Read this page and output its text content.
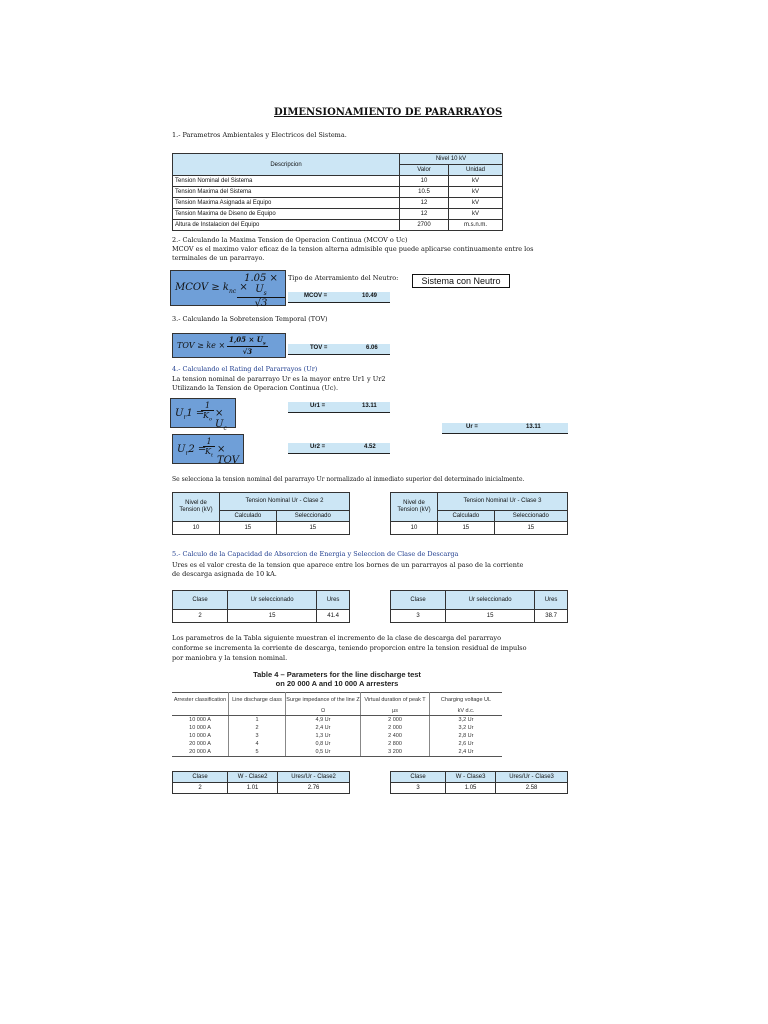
DIMENSIONAMIENTO DE PARARRAYOS
1.- Parametros Ambientales y Electricos del Sistema.
Descripcion	Nivel 10 kV	
	Valor	Unidad
Tension Nominal del Sistema	10	kV
Tension Maxima del Sistema	10.5	kV
Tension Maxima Asignada al Equipo	12	kV
Tension Maxima de Diseno de Equipo	12	kV
Altura de Instalacion del Equipo	2700	m.s.n.m.
2.- Calculando la Maxima Tension de Operacion Continua (MCOV o Uc)
MCOV es el maximo valor eficaz de la tension alterna admisible que puede aplicarse continuamente entre los
terminales de un pararrayo.
MCOV ≥ $k_{nc}$ ×
$\frac{1.05 \times U_s}{√3}$ Tipo de Aterramiento del Neutro:	Sistema con Neutro
MCOV =	10.49
3.- Calculando la Sobretension Temporal (TOV)
TOV ≥ ke × $\frac{1,05 \times U_s}{√3}$	TOV =	6.06
4.- Calculando el Rating del Pararrayos (Ur)
La tension nominal de pararrayo Ur es la mayor entre Ur1 y Ur2
Utilizando la Tension de Operacion Continua (Uc).
$U_r1$ =
$\frac{1}{K_o} \times U_c$
Ur1 =	13.11
Ur =	13.11
$U_r2$ =
$\frac{1}{K_t}$ × TOV
Ur2 =	4.52
Se selecciona la tension nominal del pararrayo Ur normalizado al inmediato superior del determinado inicialmente.
Nivel de Tension (kV)	Tension Nominal Ur - Clase 2	
	Calculado	Seleccionado
10	15	15
Nivel de Tension (kV)	Tension Nominal Ur - Clase 3	
	Calculado	Seleccionado
10	15	15
5.- Calculo de la Capacidad de Absorcion de Energia y Seleccion de Clase de Descarga
Ures es el valor cresta de la tension que aparece entre los bornes de un pararrayos al paso de la corriente
de descarga asignada de 10 kA.
Clase	Ur seleccionado	Ures
2	15	41.4
Clase	Ur seleccionado	Ures
3	15	38.7
Los parametros de la Tabla siguiente muestran el incremento de la clase de descarga del pararrayo
conforme se incrementa la corriente de descarga, teniendo proporcion entre la tension residual de impulso
por maniobra y la tension nominal.
Table 4 – Parameters for the line discharge test
on 20 000 A and 10 000 A arresters
Arrester classification	Line discharge class	Surge impedance of the line Z	Virtual duration of peak T	Charging voltage UL
		Ω	µs	kV d.c.
10 000 A	1	4,9 Ur	2 000	3,2 Ur
10 000 A	2	2,4 Ur	2 000	3,2 Ur
10 000 A	3	1,3 Ur	2 400	2,8 Ur
20 000 A	4	0,8 Ur	2 800	2,6 Ur
20 000 A	5	0,5 Ur	3 200	2,4 Ur
Clase	W - Clase2	Ures/Ur - Clase2
2	1.01	2.76
Clase	W - Clase3	Ures/Ur - Clase3
3	1.05	2.58
